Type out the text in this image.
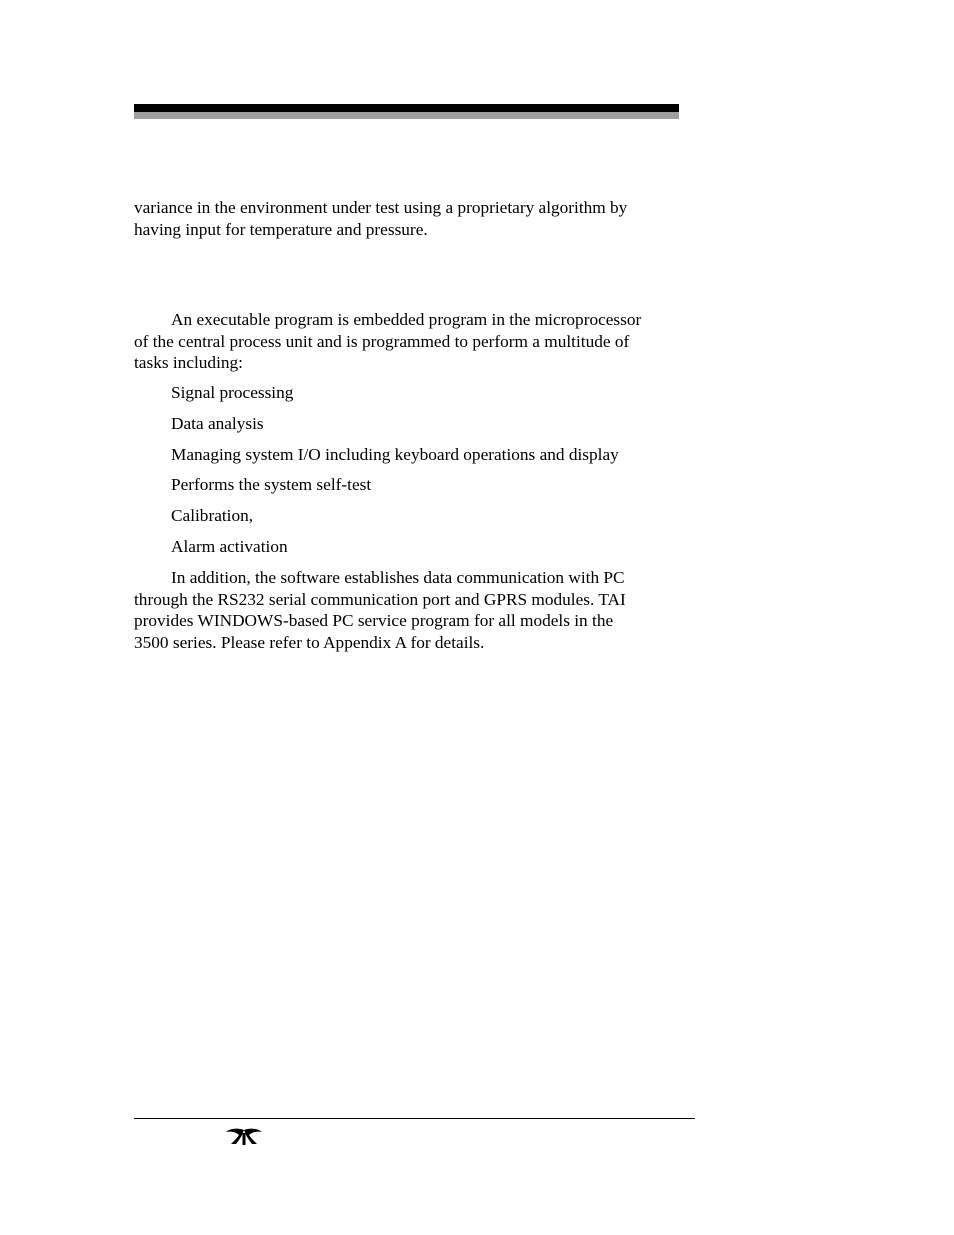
variance in the environment under test using a proprietary algorithm by
having input for temperature and pressure.
An executable program is embedded program in the microprocessor
of the central process unit and is programmed to perform a multitude of
tasks including:
Signal processing
Data analysis
Managing system I/O including keyboard operations and display
Performs the system self-test
Calibration,
Alarm activation
In addition, the software establishes data communication with PC
through the RS232 serial communication port and GPRS modules. TAI
provides WINDOWS-based PC service program for all models in the
3500 series. Please refer to Appendix A for details.
